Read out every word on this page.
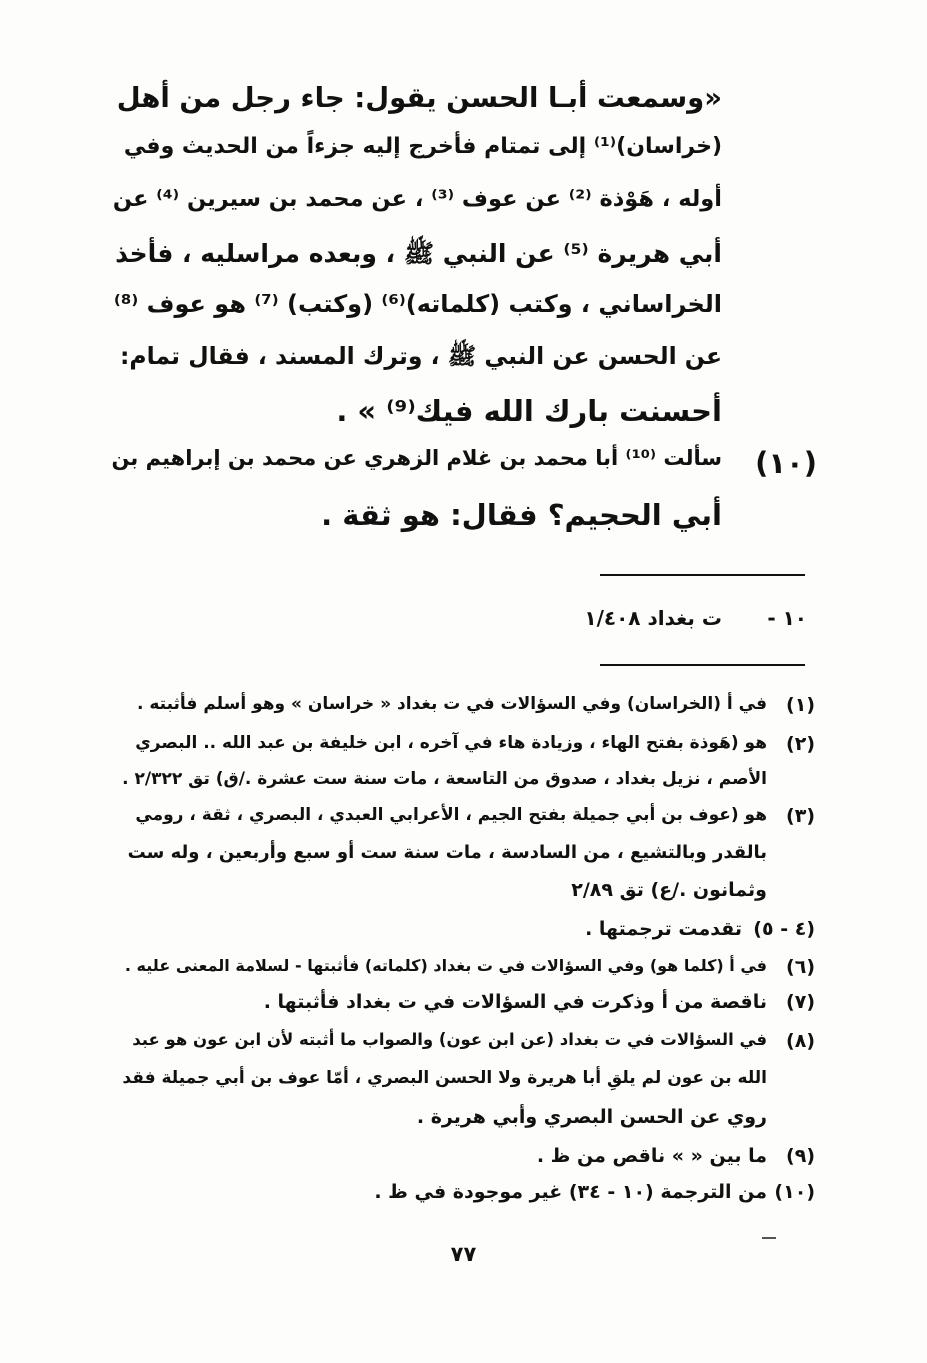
«وسمعت أبـا الحسن يقول: جاء رجل من أهل
(خراسان)⁽¹⁾ إلى تمتام فأخرج إليه جزءاً من الحديث وفي
أوله ، هَوْذة ⁽²⁾ عن عوف ⁽³⁾ ، عن محمد بن سيرين ⁽⁴⁾ عن
أبي هريرة ⁽⁵⁾ عن النبي ﷺ ، وبعده مراسليه ، فأخذ
الخراساني ، وكتب (كلماته)⁽⁶⁾ (وكتب) ⁽⁷⁾ هو عوف ⁽⁸⁾
عن الحسن عن النبي ﷺ ، وترك المسند ، فقال تمام:
أحسنت بارك الله فيك⁽⁹⁾ » .
(١٠)
سألت ⁽¹⁰⁾ أبا محمد بن غلام الزهري عن محمد بن إبراهيم بن
أبي الحجيم؟ فقال: هو ثقة .
١٠ -
ت بغداد ١/٤٠٨
(١)
في أ (الخراسان) وفي السؤالات في ت بغداد « خراسان » وهو أسلم فأثبته .
(٢)
هو (هَوذة بفتح الهاء ، وزيادة هاء في آخره ، ابن خليفة بن عبد الله .. البصري
الأصم ، نزيل بغداد ، صدوق من التاسعة ، مات سنة ست عشرة ./ق) تق ٢/٣٢٢ .
(٣)
هو (عوف بن أبي جميلة بفتح الجيم ، الأعرابي العبدي ، البصري ، ثقة ، رومي
بالقدر وبالتشيع ، من السادسة ، مات سنة ست أو سبع وأربعين ، وله ست
وثمانون ./ع) تق ٢/٨٩
(٤ - ٥)
تقدمت ترجمتها .
(٦)
في أ (كلما هو) وفي السؤالات في ت بغداد (كلماته) فأثبتها - لسلامة المعنى عليه .
(٧)
ناقصة من أ وذكرت في السؤالات في ت بغداد فأثبتها .
(٨)
في السؤالات في ت بغداد (عن ابن عون) والصواب ما أثبته لأن ابن عون هو عبد
الله بن عون لم يلقِ أبا هريرة ولا الحسن البصري ، أمّا عوف بن أبي جميلة فقد
روي عن الحسن البصري وأبي هريرة .
(٩)
ما بين « » ناقص من ظ .
(١٠)
من الترجمة (١٠ - ٣٤) غير موجودة في ظ .
٧٧
